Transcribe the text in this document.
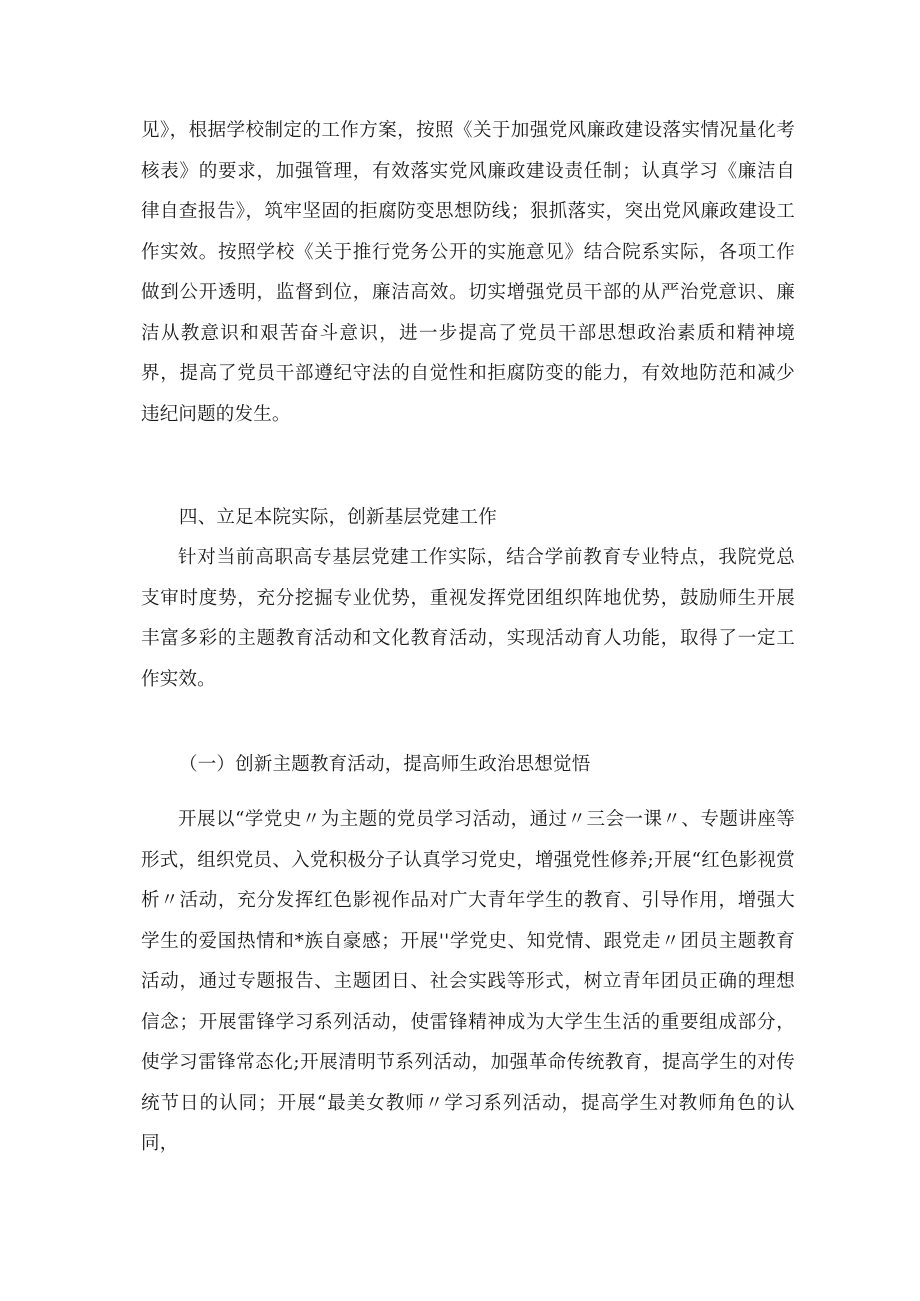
见》，根据学校制定的工作方案，按照《关于加强党风廉政建设落实情况量化考核表》的要求，加强管理，有效落实党风廉政建设责任制；认真学习《廉洁自律自查报告》，筑牢坚固的拒腐防变思想防线；狠抓落实，突出党风廉政建设工作实效。按照学校《关于推行党务公开的实施意见》结合院系实际，各项工作做到公开透明，监督到位，廉洁高效。切实增强党员干部的从严治党意识、廉洁从教意识和艰苦奋斗意识，进一步提高了党员干部思想政治素质和精神境界，提高了党员干部遵纪守法的自觉性和拒腐防变的能力，有效地防范和减少违纪问题的发生。

四、立足本院实际，创新基层党建工作

针对当前高职高专基层党建工作实际，结合学前教育专业特点，我院党总支审时度势，充分挖掘专业优势，重视发挥党团组织阵地优势，鼓励师生开展丰富多彩的主题教育活动和文化教育活动，实现活动育人功能，取得了一定工作实效。

（一）创新主题教育活动，提高师生政治思想觉悟

开展以“学党史〃为主题的党员学习活动，通过〃三会一课〃、专题讲座等形式，组织党员、入党积极分子认真学习党史，增强党性修养;开展“红色影视赏析〃活动，充分发挥红色影视作品对广大青年学生的教育、引导作用，增强大学生的爱国热情和*族自豪感；开展''学党史、知党情、跟党走〃团员主题教育活动，通过专题报告、主题团日、社会实践等形式，树立青年团员正确的理想信念；开展雷锋学习系列活动，使雷锋精神成为大学生生活的重要组成部分，使学习雷锋常态化;开展清明节系列活动，加强革命传统教育，提高学生的对传统节日的认同；开展“最美女教师〃学习系列活动，提高学生对教师角色的认同，
